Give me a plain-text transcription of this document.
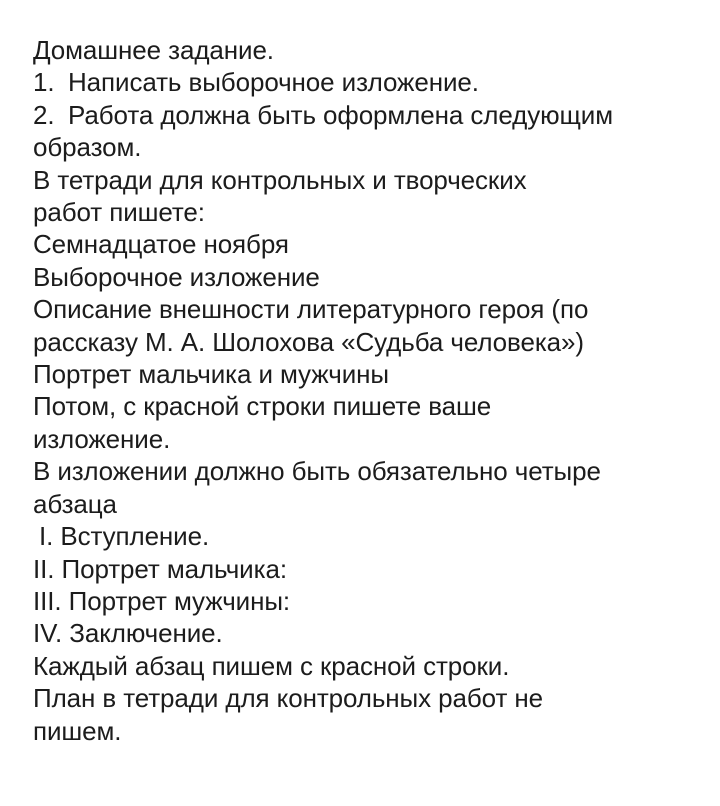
Домашнее задание.
1. Написать выборочное изложение.
2. Работа должна быть оформлена следующим
образом.
В тетради для контрольных и творческих
работ пишете:
Семнадцатое ноября
Выборочное изложение
Описание внешности литературного героя (по
рассказу М. А. Шолохова «Судьба человека»)
Портрет мальчика и мужчины
Потом, с красной строки пишете ваше
изложение.
В изложении должно быть обязательно четыре
абзаца
I. Вступление.
II. Портрет мальчика:
III. Портрет мужчины:
IV. Заключение.
Каждый абзац пишем с красной строки.
План в тетради для контрольных работ не
пишем.
